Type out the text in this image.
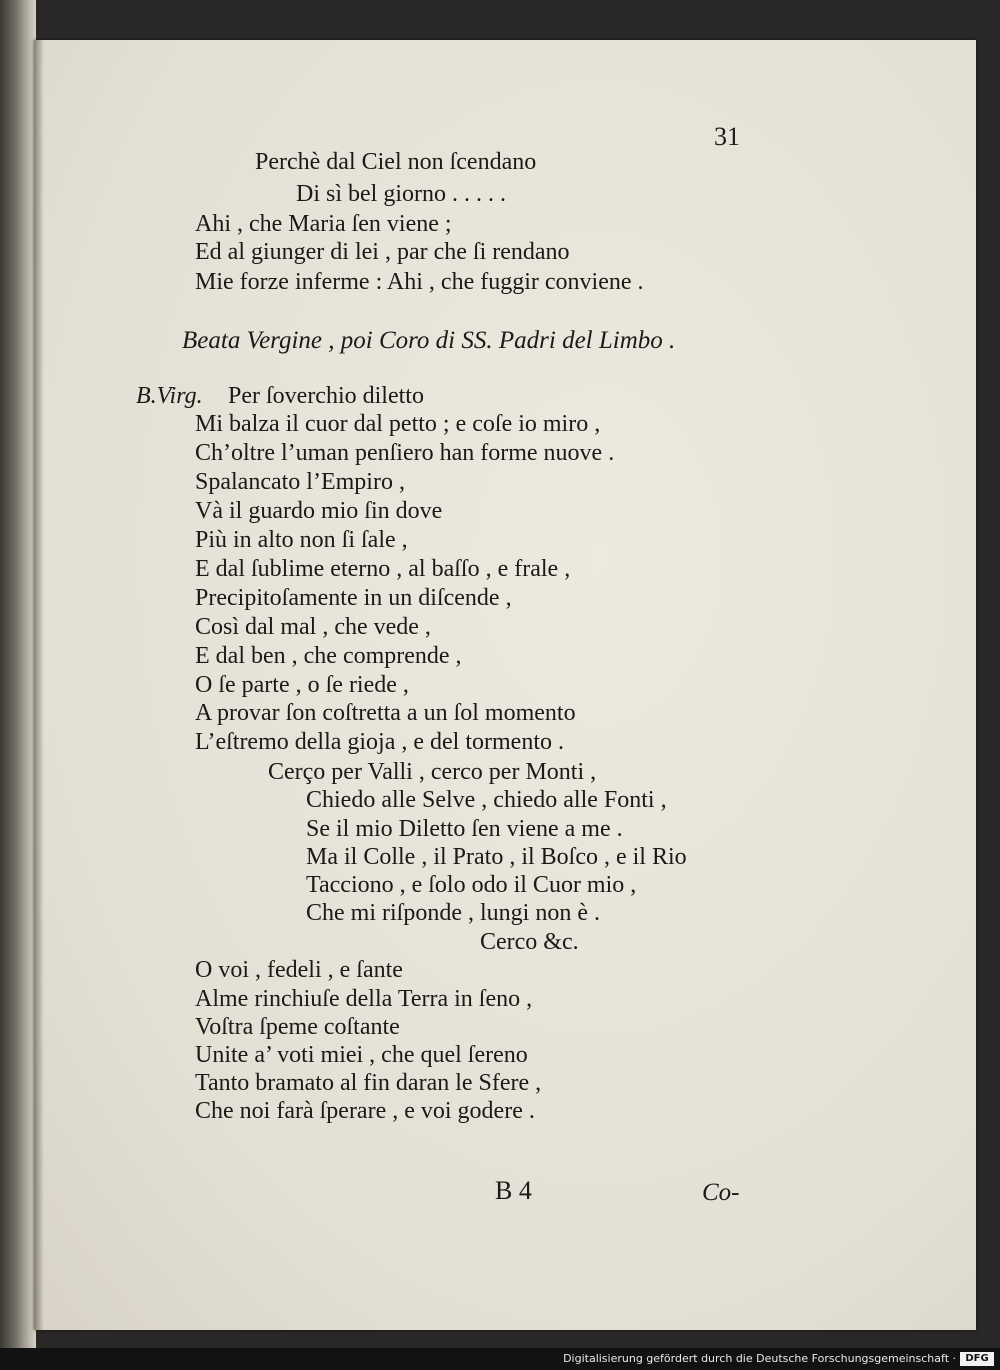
31
Perchè dal Ciel non ſcendano
Di sì bel giorno . . . . .
Ahi , che Maria ſen viene ;
Ed al giunger di lei , par che ſi rendano
Mie forze inferme : Ahi , che fuggir conviene .
Beata Vergine , poi Coro di SS. Padri del Limbo .
B.Virg. Per ſoverchio diletto
Mi balza il cuor dal petto ; e coſe io miro ,
Ch’oltre l’uman penſiero han forme nuove .
Spalancato l’Empiro ,
Và il guardo mio ſin dove
Più in alto non ſi ſale ,
E dal ſublime eterno , al baſſo , e frale ,
Precipitoſamente in un diſcende ,
Così dal mal , che vede ,
E dal ben , che comprende ,
O ſe parte , o ſe riede ,
A provar ſon coſtretta a un ſol momento
L’eſtremo della gioja , e del tormento .
Cerço per Valli , cerco per Monti ,
Chiedo alle Selve , chiedo alle Fonti ,
Se il mio Diletto ſen viene a me .
Ma il Colle , il Prato , il Boſco , e il Rio
Tacciono , e ſolo odo il Cuor mio ,
Che mi riſponde , lungi non è .
Cerco &c.
O voi , fedeli , e ſante
Alme rinchiuſe della Terra in ſeno ,
Voſtra ſpeme coſtante
Unite a’ voti miei , che quel ſereno
Tanto bramato al fin daran le Sfere ,
Che noi farà ſperare , e voi godere .
B 4	Co-
Digitalisierung gefördert durch die Deutsche Forschungsgemeinschaft · DFG
